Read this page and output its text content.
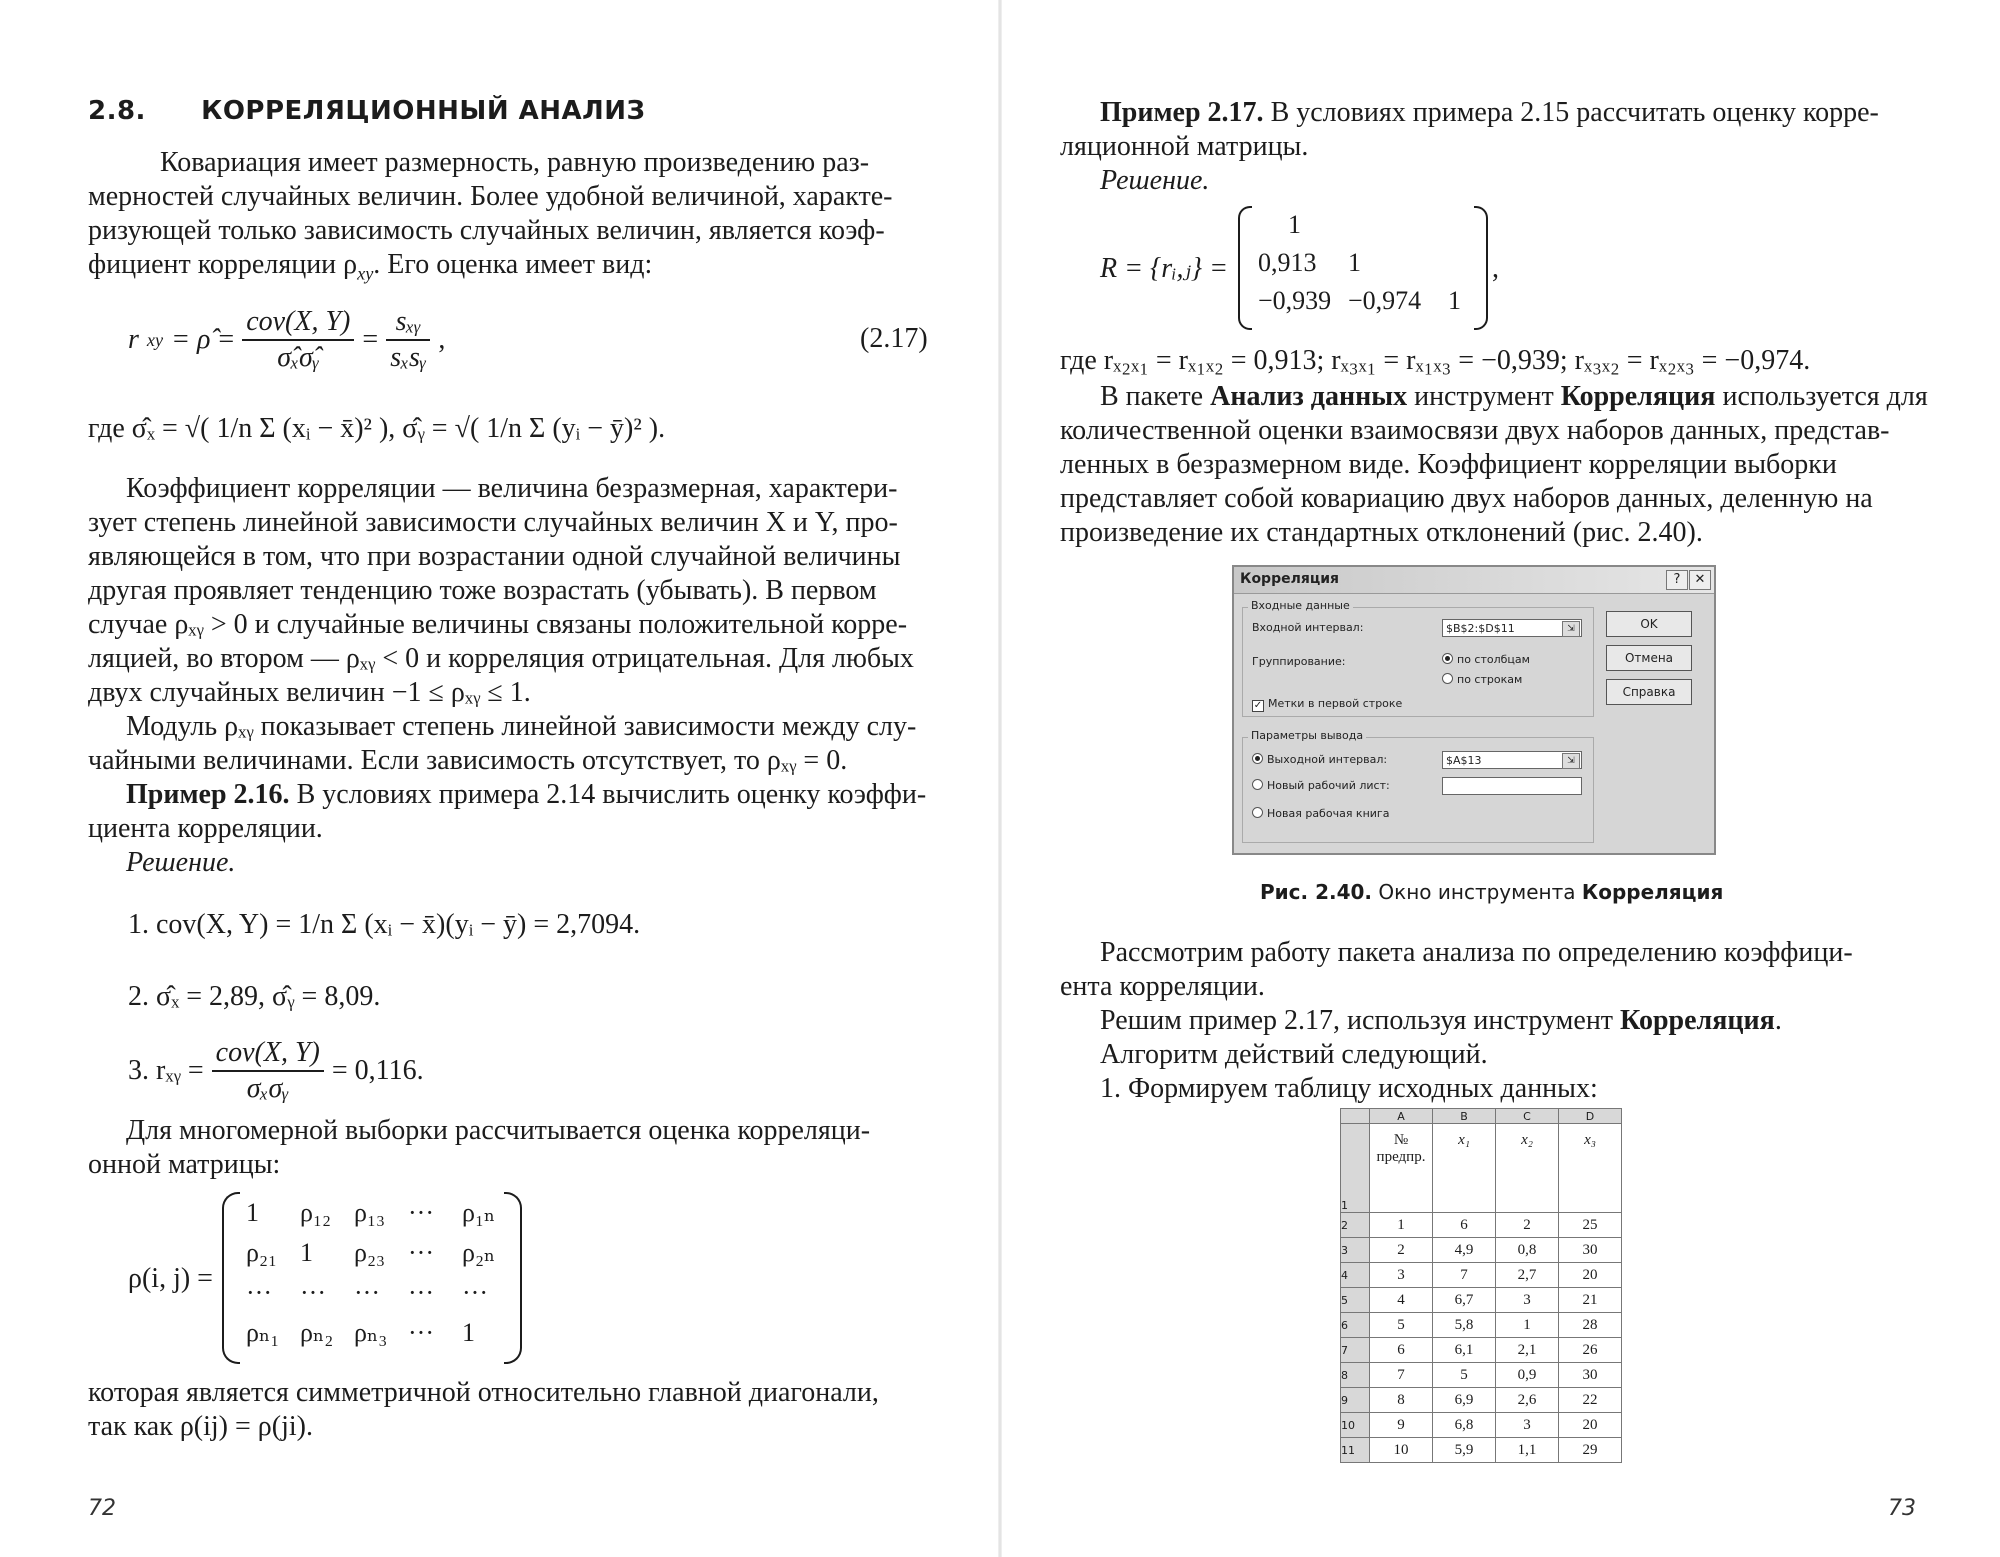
2.8. КОРРЕЛЯЦИОННЫЙ АНАЛИЗ
Ковариация имеет размерность, равную произведению раз-
мерностей случайных величин. Более удобной величиной, характе-
ризующей только зависимость случайных величин, является коэф-
фициент корреляции $\rho_{xy}$. Его оценка имеет вид:
r xy = ρ̂ = $\frac{\text{cov(X, Y)}}{\text{σ̂ₓσ̂ᵧ}} = \frac{\text{sₓᵧ}}{\text{sₓsᵧ}}$ ,	(2.17)
где σ̂ₓ = √( 1/n Σ (xᵢ − x̄)² ), σ̂ᵧ = √( 1/n Σ (yᵢ − ȳ)² ).
Коэффициент корреляции — величина безразмерная, характери-
зует степень линейной зависимости случайных величин X и Y, про-
являющейся в том, что при возрастании одной случайной величины
другая проявляет тенденцию тоже возрастать (убывать). В первом
случае ρₓᵧ > 0 и случайные величины связаны положительной корре-
ляцией, во втором — ρₓᵧ < 0 и корреляция отрицательная. Для любых
двух случайных величин −1 ≤ ρₓᵧ ≤ 1.
Модуль ρₓᵧ показывает степень линейной зависимости между слу-
чайными величинами. Если зависимость отсутствует, то ρₓᵧ = 0.
Пример 2.16. В условиях примера 2.14 вычислить оценку коэффи-
циента корреляции.
Решение.
1. cov(X, Y) = 1/n Σ (xᵢ − x̄)(yᵢ − ȳ) = 2,7094.
2. σ̂ₓ = 2,89, σ̂ᵧ = 8,09.
3. rₓᵧ = $\frac{\text{cov(X, Y)}}{\text{σₓσᵧ}} = 0,116$.
Для многомерной выборки рассчитывается оценка корреляци-
онной матрицы:
ρ(i, j) =
1 ρ₁₂ ρ₁₃ ··· ρ₁ₙ
ρ₂₁ 1 ρ₂₃ ··· ρ₂ₙ
··· ··· ··· ··· ···
ρₙ₁ ρₙ₂ ρₙ₃ ··· 1
которая является симметричной относительно главной диагонали,
так как ρ(ij) = ρ(ji).
72
Пример 2.17. В условиях примера 2.15 рассчитать оценку корре-
ляционной матрицы.
Решение.
R = {rᵢ,ⱼ} =
1
0,913 1
−0,939 −0,974 1
,
где rₓ₂ₓ₁ = rₓ₁ₓ₂ = 0,913; rₓ₃ₓ₁ = rₓ₁ₓ₃ = −0,939; rₓ₃ₓ₂ = rₓ₂ₓ₃ = −0,974.
В пакете Анализ данных инструмент Корреляция используется для
количественной оценки взаимосвязи двух наборов данных, представ-
ленных в безразмерном виде. Коэффициент корреляции выборки
представляет собой ковариацию двух наборов данных, деленную на
произведение их стандартных отклонений (рис. 2.40).
Рис. 2.40. Окно инструмента Корреляция
Рассмотрим работу пакета анализа по определению коэффици-
ента корреляции.
Решим пример 2.17, используя инструмент Корреляция.
Алгоритм действий следующий.
1. Формируем таблицу исходных данных:
73
Корреляция	?	✕
Входные данные
Входной интервал:	$B$2:$D$11	⇲
Группирование:	по столбцам
по строкам
✓ Метки в первой строке
Параметры вывода
Выходной интервал:	$A$13	⇲
Новый рабочий лист:
Новая рабочая книга
OK
Отмена
Справка
	A	B	C	D
1	№ предпр.	x₁	x₂	x₃
2	1	6	2	25
3	2	4,9	0,8	30
4	3	7	2,7	20
5	4	6,7	3	21
6	5	5,8	1	28
7	6	6,1	2,1	26
8	7	5	0,9	30
9	8	6,9	2,6	22
10	9	6,8	3	20
11	10	5,9	1,1	29
